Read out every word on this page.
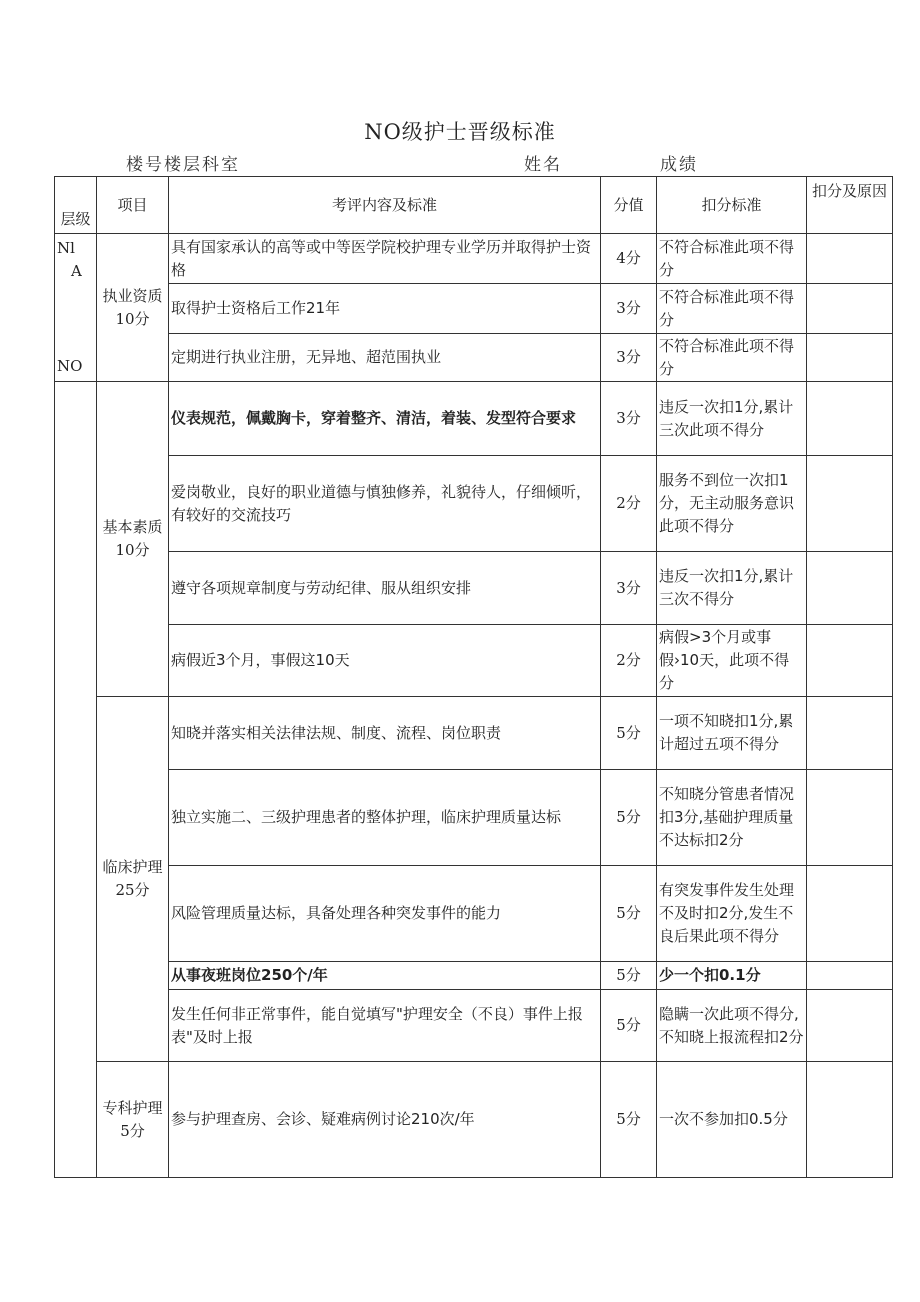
NO级护士晋级标准
楼号楼层科室	姓名	成绩
层级	项目	考评内容及标准	分值	扣分标准	扣分及原因

Nl
A
NO	执业资质10分	具有国家承认的高等或中等医学院校护理专业学历并取得护士资格	4分	不符合标准此项不得分	
		取得护士资格后工作21年	3分	不符合标准此项不得分	
		定期进行执业注册，无异地、超范围执业	3分	不符合标准此项不得分	
	基本素质10分	仪表规范，佩戴胸卡，穿着整齐、清洁，着装、发型符合要求	3分	违反一次扣1分,累计三次此项不得分	
		爱岗敬业，良好的职业道德与慎独修养，礼貌待人，仔细倾听，有较好的交流技巧	2分	服务不到位一次扣1分，无主动服务意识此项不得分	
		遵守各项规章制度与劳动纪律、服从组织安排	3分	违反一次扣1分,累计三次不得分	
		病假近3个月，事假这10天	2分	病假>3个月或事假›10天，此项不得分	
	临床护理25分	知晓并落实相关法律法规、制度、流程、岗位职责	5分	一项不知晓扣1分,累计超过五项不得分	
		独立实施二、三级护理患者的整体护理，临床护理质量达标	5分	不知晓分管患者情况扣3分,基础护理质量不达标扣2分	
		风险管理质量达标，具备处理各种突发事件的能力	5分	有突发事件发生处理不及时扣2分,发生不良后果此项不得分	
		从事夜班岗位250个/年	5分	少一个扣0.1分	
		发生任何非正常事件，能自觉填写"护理安全（不良）事件上报表"及时上报	5分	隐瞒一次此项不得分,不知晓上报流程扣2分	
	专科护理5分	参与护理查房、会诊、疑难病例讨论210次/年	5分	一次不参加扣0.5分	
